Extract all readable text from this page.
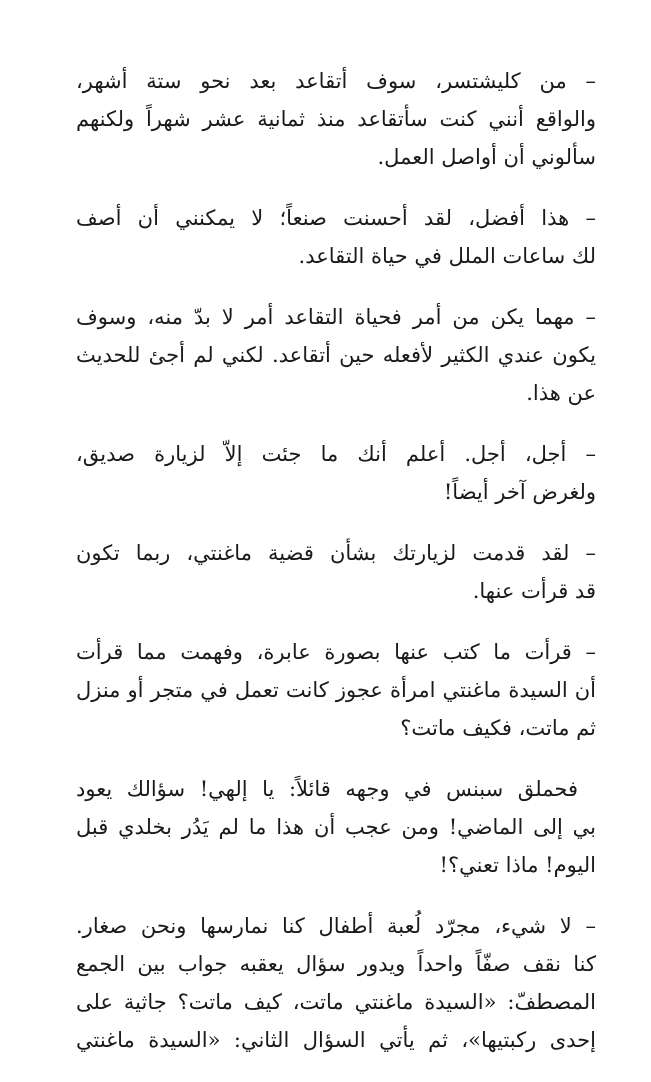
– من كليشتسر، سوف أتقاعد بعد نحو ستة أشهر،
والواقع أنني كنت سأتقاعد منذ ثمانية عشر شهراً ولكنهم
سألوني أن أواصل العمل.
– هذا أفضل، لقد أحسنت صنعاً؛ لا يمكنني أن أصف
لك ساعات الملل في حياة التقاعد.
– مهما يكن من أمر فحياة التقاعد أمر لا بدّ منه، وسوف
يكون عندي الكثير لأفعله حين أتقاعد. لكني لم أجئ للحديث
عن هذا.
– أجل، أجل. أعلم أنك ما جئت إلاّ لزيارة صديق،
ولغرض آخر أيضاً!
– لقد قدمت لزيارتك بشأن قضية ماغنتي، ربما تكون
قد قرأت عنها.
– قرأت ما كتب عنها بصورة عابرة، وفهمت مما قرأت
أن السيدة ماغنتي امرأة عجوز كانت تعمل في متجر أو منزل
ثم ماتت، فكيف ماتت؟
فحملق سبنس في وجهه قائلاً: يا إلهي! سؤالك يعود
بي إلى الماضي! ومن عجب أن هذا ما لم يَدُر بخلدي قبل
اليوم! ماذا تعني؟!
– لا شيء، مجرّد لُعبة أطفال كنا نمارسها ونحن صغار.
كنا نقف صفّاً واحداً ويدور سؤال يعقبه جواب بين الجمع
المصطفّ: «السيدة ماغنتي ماتت، كيف ماتت؟ جاثية على
إحدى ركبتيها»، ثم يأتي السؤال الثاني: «السيدة ماغنتي
